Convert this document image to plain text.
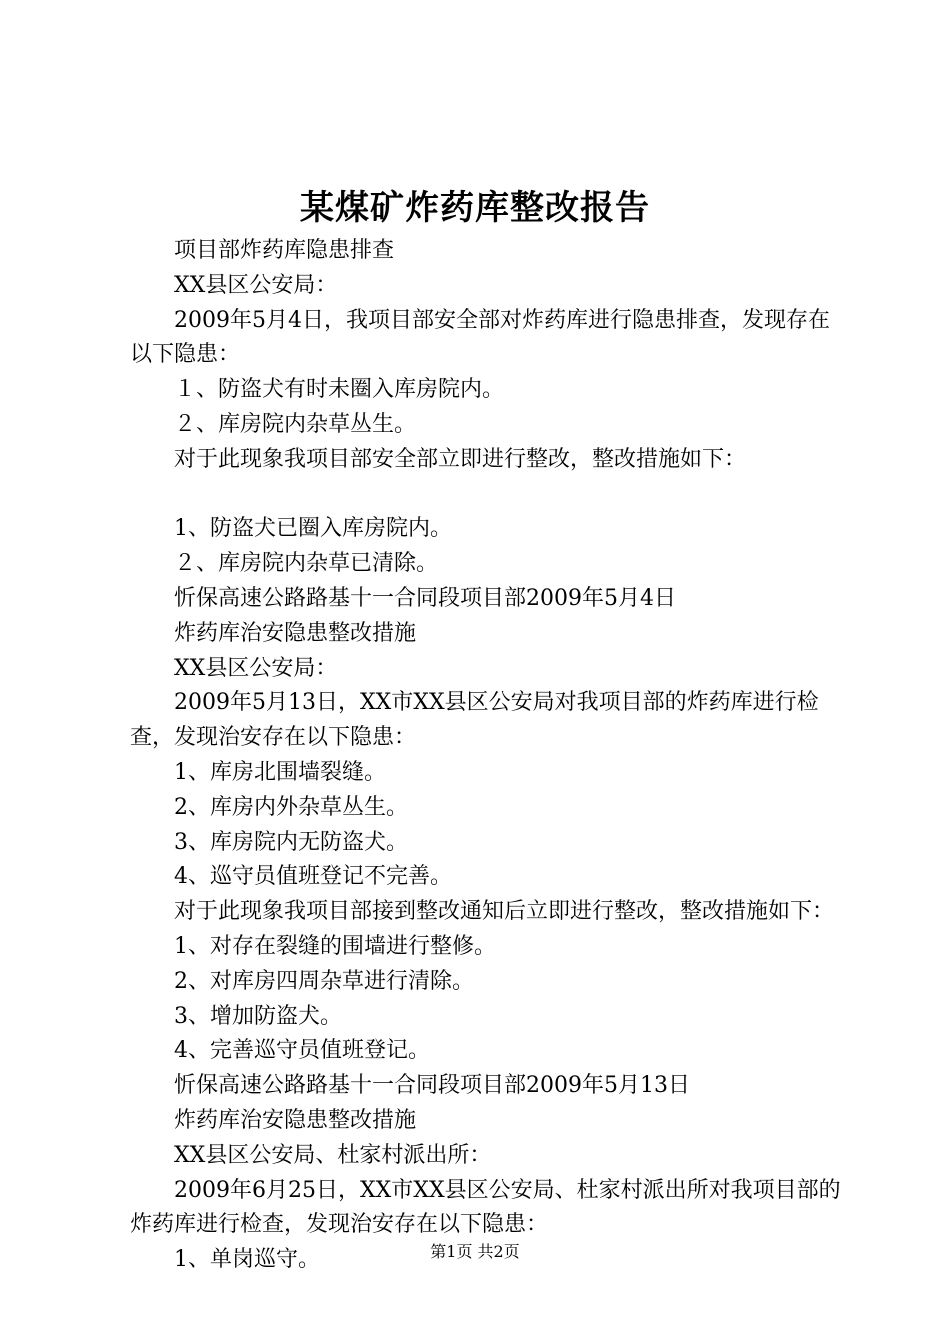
某煤矿炸药库整改报告

项目部炸药库隐患排查

XX县区公安局：

2009年5月4日，我项目部安全部对炸药库进行隐患排查，发现存在以下隐患：

１、防盗犬有时未圈入库房院内。

２、库房院内杂草丛生。

对于此现象我项目部安全部立即进行整改，整改措施如下：

1、防盗犬已圈入库房院内。

２、库房院内杂草已清除。

忻保高速公路路基十一合同段项目部2009年5月4日

炸药库治安隐患整改措施

XX县区公安局：

2009年5月13日，XX市XX县区公安局对我项目部的炸药库进行检查，发现治安存在以下隐患：

1、库房北围墙裂缝。

2、库房内外杂草丛生。

3、库房院内无防盗犬。

4、巡守员值班登记不完善。

对于此现象我项目部接到整改通知后立即进行整改，整改措施如下：

1、对存在裂缝的围墙进行整修。

2、对库房四周杂草进行清除。

3、增加防盗犬。

4、完善巡守员值班登记。

忻保高速公路路基十一合同段项目部2009年5月13日

炸药库治安隐患整改措施

XX县区公安局、杜家村派出所：

2009年6月25日，XX市XX县区公安局、杜家村派出所对我项目部的炸药库进行检查，发现治安存在以下隐患：

1、单岗巡守。	第1页 共2页
